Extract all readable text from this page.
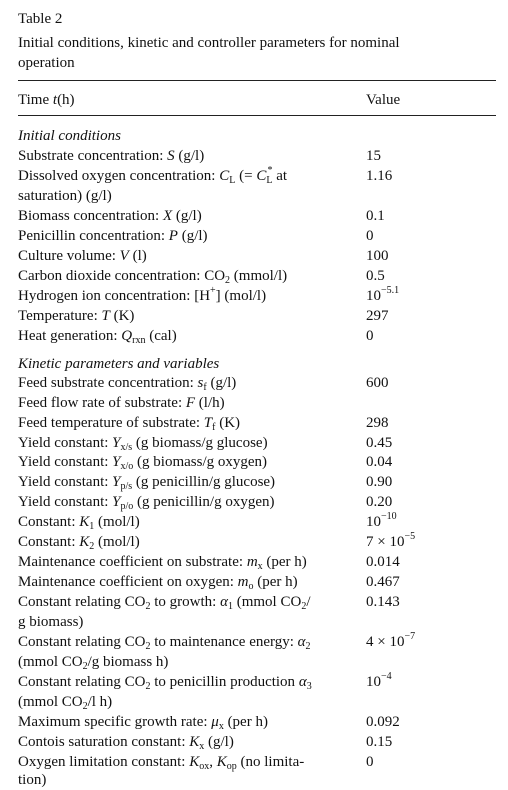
Table 2
Initial conditions, kinetic and controller parameters for nominal
operation
Time t(h)	Value
Initial conditions
Substrate concentration: S (g/l)	15
Dissolved oxygen concentration: $C_L$ (= $C_L^*$ at	1.16
saturation) (g/l)
Biomass concentration: X (g/l)	0.1
Penicillin concentration: P (g/l)	0
Culture volume: V (l)	100
Carbon dioxide concentration: $CO_2$ (mmol/l)	0.5
Hydrogen ion concentration: [H+] (mol/l)	$10^{-5.1}$
Temperature: T (K)	297
Heat generation: $Q_{rxn}$ (cal)	0
Kinetic parameters and variables
Feed substrate concentration: $s_f$ (g/l)	600
Feed flow rate of substrate: F (l/h)
Feed temperature of substrate: $T_f$ (K)	298
Yield constant: $Y_{x/s}$ (g biomass/g glucose)	0.45
Yield constant: $Y_{x/o}$ (g biomass/g oxygen)	0.04
Yield constant: $Y_{p/s}$ (g penicillin/g glucose)	0.90
Yield constant: $Y_{p/o}$ (g penicillin/g oxygen)	0.20
Constant: $K_1$ (mol/l)	$10^{-10}$
Constant: $K_2$ (mol/l)	$7 \times 10^{-5}$
Maintenance coefficient on substrate: $m_x$ (per h)	0.014
Maintenance coefficient on oxygen: $m_o$ (per h)	0.467
Constant relating $CO_2$ to growth: $\alpha_1$ (mmol $CO_2/$	0.143
g biomass)
Constant relating $CO_2$ to maintenance energy: $\alpha_2$	$4 \times 10^{-7}$
(mmol $CO_2/g$ biomass h)
Constant relating $CO_2$ to penicillin production $\alpha_3$	$10^{-4}$
(mmol $CO_2/l$ h)
Maximum specific growth rate: $\mu_x$ (per h)	0.092
Contois saturation constant: $K_x$ (g/l)	0.15
Oxygen limitation constant: $K_{ox}$, $K_{op}$ (no limita-	0
tion)
